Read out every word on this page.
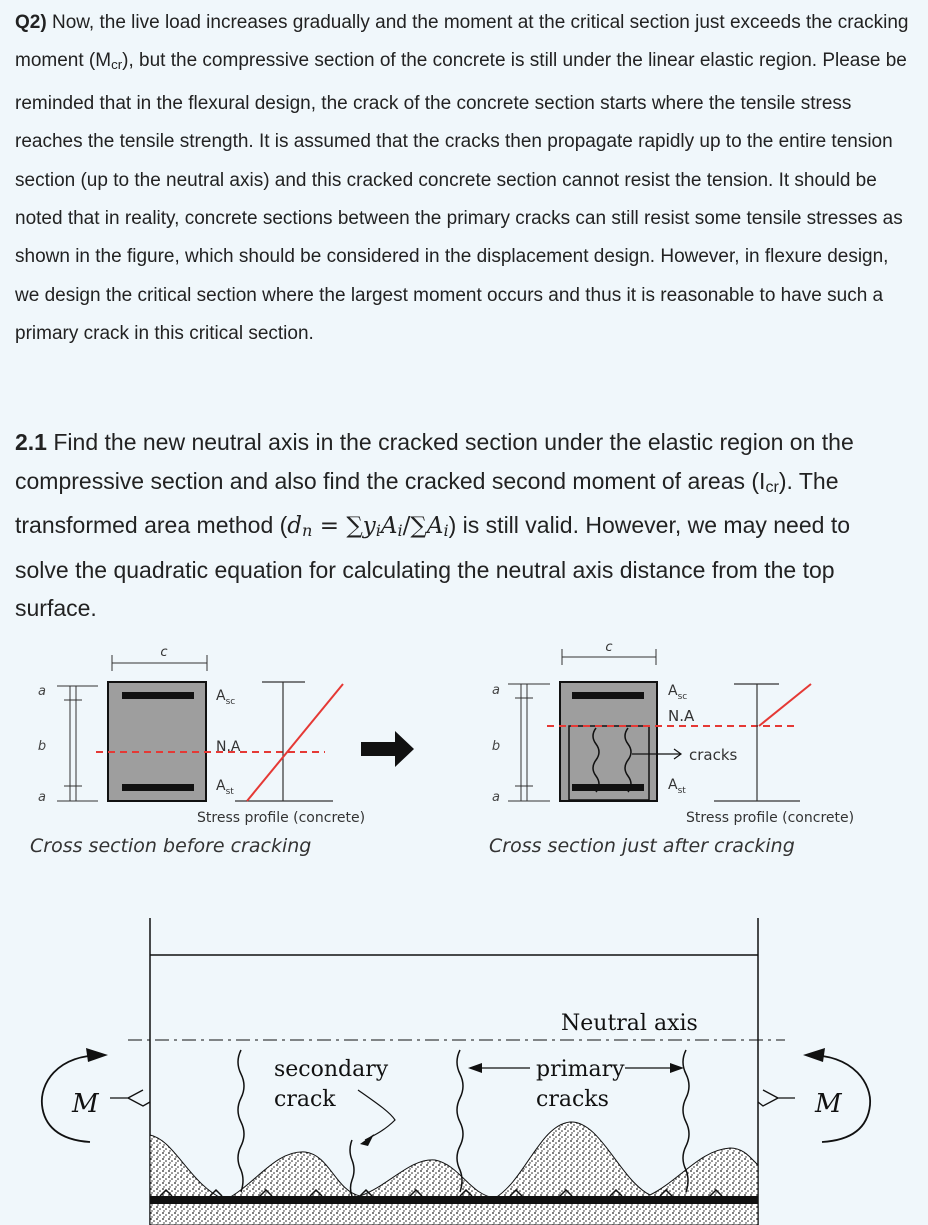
Q2) Now, the live load increases gradually and the moment at the critical section just exceeds the cracking moment $(M_{cr})$, but the compressive section of the concrete is still under the linear elastic region. Please be reminded that in the flexural design, the crack of the concrete section starts where the tensile stress reaches the tensile strength. It is assumed that the cracks then propagate rapidly up to the entire tension section (up to the neutral axis) and this cracked concrete section cannot resist the tension. It should be noted that in reality, concrete sections between the primary cracks can still resist some tensile stresses as shown in the figure, which should be considered in the displacement design. However, in flexure design, we design the critical section where the largest moment occurs and thus it is reasonable to have such a primary crack in this critical section.

2.1 Find the new neutral axis in the cracked section under the elastic region on the compressive section and also find the cracked second moment of areas $(I_{cr})$. The transformed area method $(d_n = \sum y_iA_i/\sum A_i)$ is still valid. However, we may need to solve the quadratic equation for calculating the neutral axis distance from the top surface.

c
a
b
a
$A_{sc}$
N.A
$A_{st}$
Stress profile (concrete)
Cross section before cracking
c
a
b
a
cracks
$A_{sc}$
N.A
$A_{st}$
Stress profile (concrete)
Cross section just after cracking
Neutral axis
secondary
crack
primary
cracks
M	M
